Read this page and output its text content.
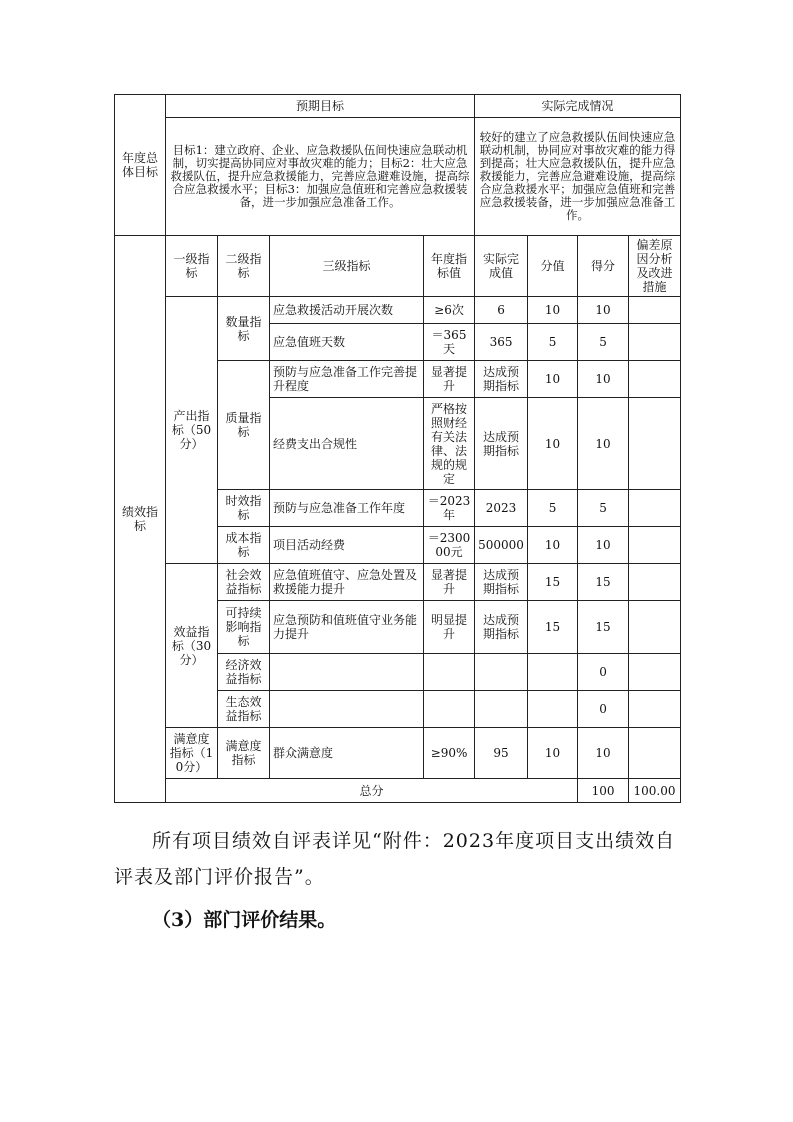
年度总体目标	预期目标				实际完成情况				
	目标1：建立政府、企业、应急救援队伍间快速应急联动机制，切实提高协同应对事故灾难的能力；目标2：壮大应急救援队伍，提升应急救援能力，完善应急避难设施，提高综合应急救援水平；目标3：加强应急值班和完善应急救援装备，进一步加强应急准备工作。				较好的建立了应急救援队伍间快速应急联动机制，协同应对事故灾难的能力得到提高；壮大应急救援队伍，提升应急救援能力，完善应急避难设施，提高综合应急救援水平；加强应急值班和完善应急救援装备，进一步加强应急准备工作。				
绩效指标	一级指标	二级指标	三级指标	年度指标值	实际完成值	分值	得分	偏差原因分析及改进措施	
	产出指标（50分）	数量指标	应急救援活动开展次数	≥6次	6	10	10		
			应急值班天数	＝365天	365	5	5		
		质量指标	预防与应急准备工作完善提升程度	显著提升	达成预期指标	10	10		
			经费支出合规性	严格按照财经有关法律、法规的规定	达成预期指标	10	10		
		时效指标	预防与应急准备工作年度	＝2023年	2023	5	5		
		成本指标	项目活动经费	＝230000元	500000	10	10		
	效益指标（30分）	社会效益指标	应急值班值守、应急处置及救援能力提升	显著提升	达成预期指标	15	15		
		可持续影响指标	应急预防和值班值守业务能力提升	明显提升	达成预期指标	15	15		
		经济效益指标					0		
		生态效益指标					0		
	满意度指标（10分）	满意度指标	群众满意度	≥90%	95	10	10		
	总分						100	100.00	
所有项目绩效自评表详见“附件：2023年度项目支出绩效自评表及部门评价报告”。
（3）部门评价结果。
